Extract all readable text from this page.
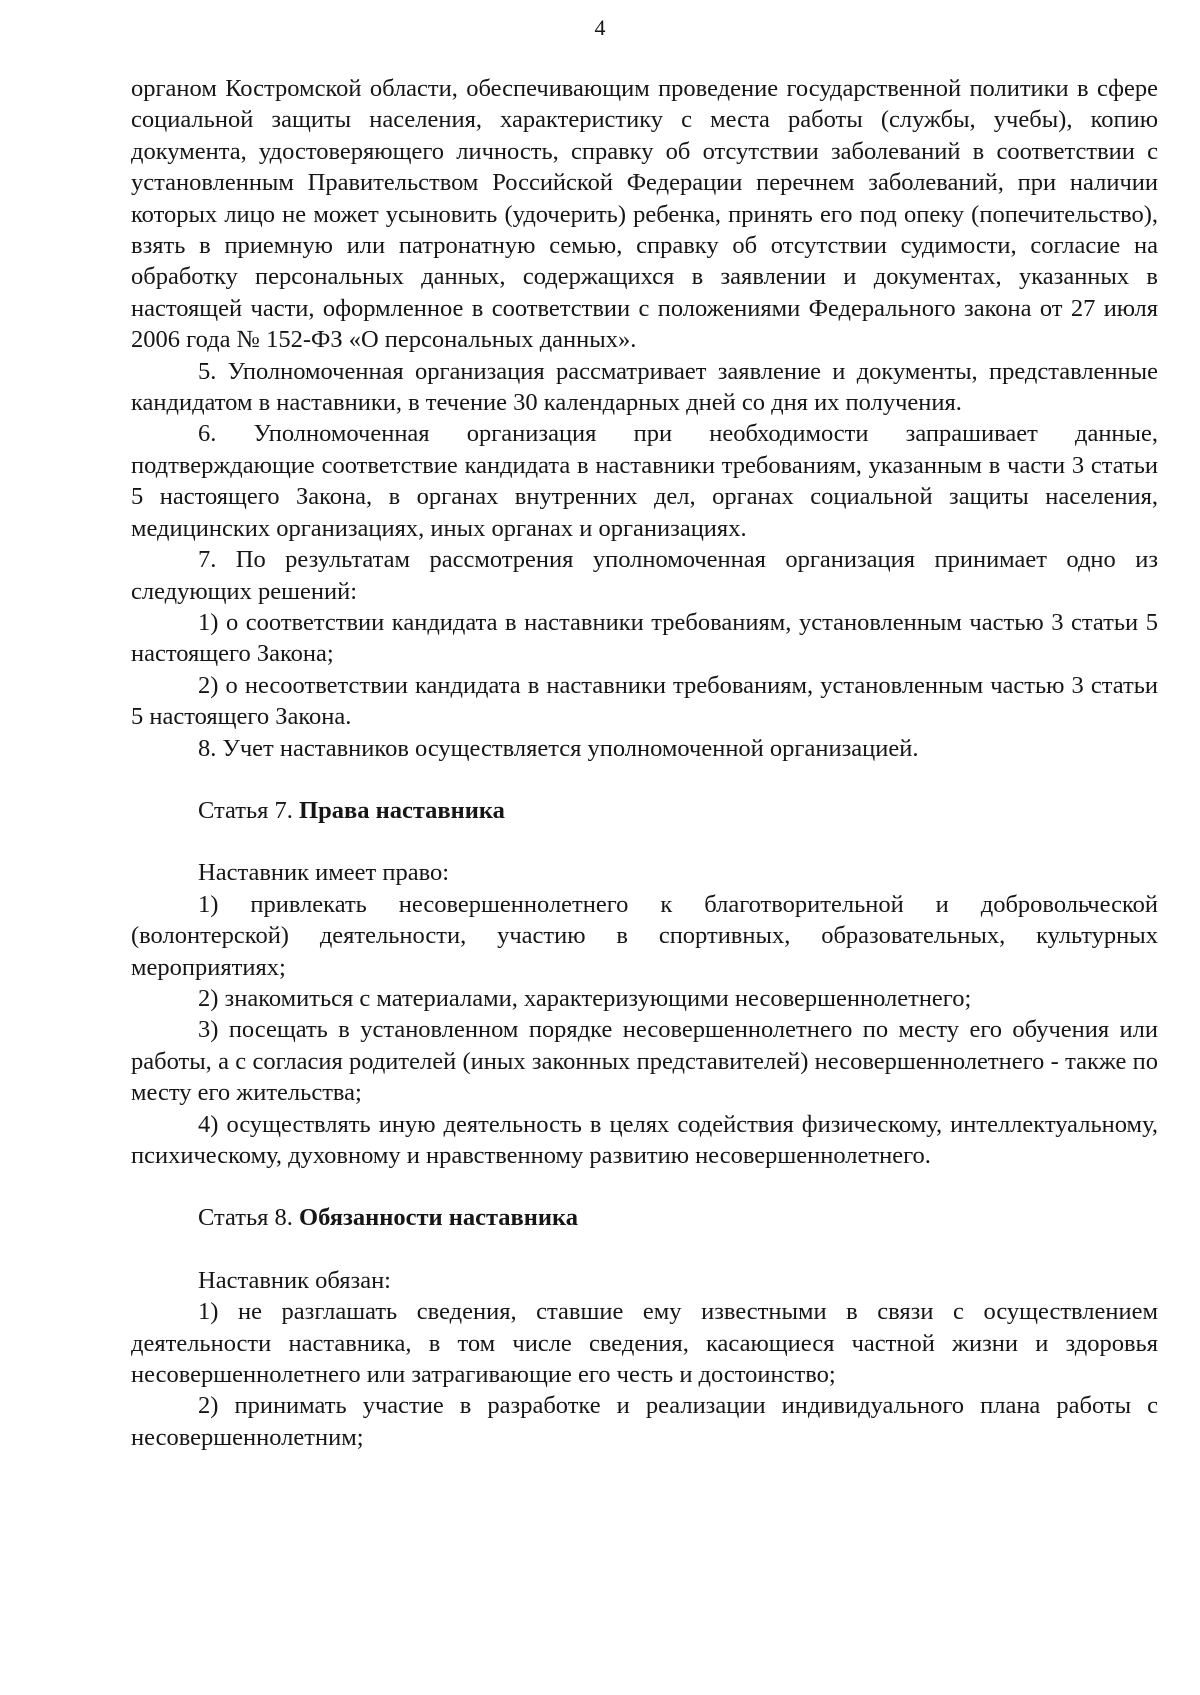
4

органом Костромской области, обеспечивающим проведение государственной политики в сфере социальной защиты населения, характеристику с места работы (службы, учебы), копию документа, удостоверяющего личность, справку об отсутствии заболеваний в соответствии с установленным Правительством Российской Федерации перечнем заболеваний, при наличии которых лицо не может усыновить (удочерить) ребенка, принять его под опеку (попечительство), взять в приемную или патронатную семью, справку об отсутствии судимости, согласие на обработку персональных данных, содержащихся в заявлении и документах, указанных в настоящей части, оформленное в соответствии с положениями Федерального закона от 27 июля 2006 года № 152-ФЗ «О персональных данных».

5. Уполномоченная организация рассматривает заявление и документы, представленные кандидатом в наставники, в течение 30 календарных дней со дня их получения.

6. Уполномоченная организация при необходимости запрашивает данные, подтверждающие соответствие кандидата в наставники требованиям, указанным в части 3 статьи 5 настоящего Закона, в органах внутренних дел, органах социальной защиты населения, медицинских организациях, иных органах и организациях.

7. По результатам рассмотрения уполномоченная организация принимает одно из следующих решений:

1) о соответствии кандидата в наставники требованиям, установленным частью 3 статьи 5 настоящего Закона;

2) о несоответствии кандидата в наставники требованиям, установленным частью 3 статьи 5 настоящего Закона.

8. Учет наставников осуществляется уполномоченной организацией.

Статья 7. Права наставника

Наставник имеет право:

1) привлекать несовершеннолетнего к благотворительной и добровольческой (волонтерской) деятельности, участию в спортивных, образовательных, культурных мероприятиях;

2) знакомиться с материалами, характеризующими несовершеннолетнего;

3) посещать в установленном порядке несовершеннолетнего по месту его обучения или работы, а с согласия родителей (иных законных представителей) несовершеннолетнего - также по месту его жительства;

4) осуществлять иную деятельность в целях содействия физическому, интеллектуальному, психическому, духовному и нравственному развитию несовершеннолетнего.

Статья 8. Обязанности наставника

Наставник обязан:

1) не разглашать сведения, ставшие ему известными в связи с осуществлением деятельности наставника, в том числе сведения, касающиеся частной жизни и здоровья несовершеннолетнего или затрагивающие его честь и достоинство;

2) принимать участие в разработке и реализации индивидуального плана работы с несовершеннолетним;
